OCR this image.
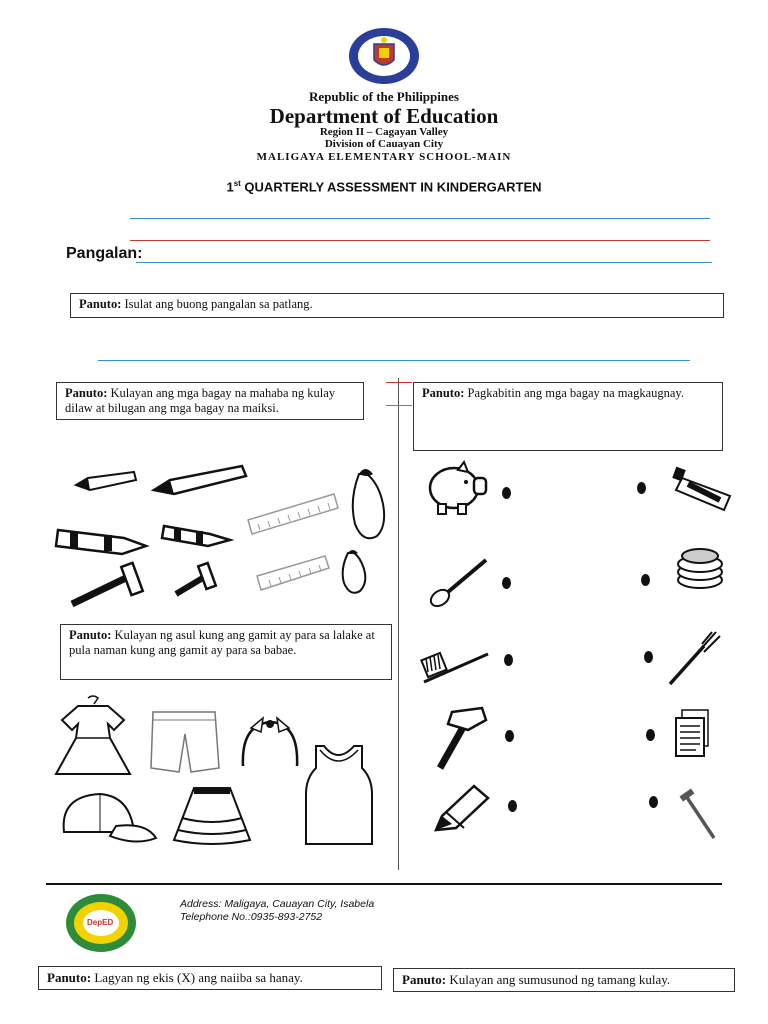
Republic of the Philippines
Department of Education
Region II – Cagayan Valley
Division of Cauayan City
MALIGAYA ELEMENTARY SCHOOL-MAIN
1st QUARTERLY ASSESSMENT IN KINDERGARTEN
Pangalan:
Panuto: Isulat ang buong pangalan sa patlang.
Panuto: Kulayan ang mga bagay na mahaba ng kulay dilaw at bilugan ang mga bagay na maiksi.
Panuto: Pagkabitin ang mga bagay na magkaugnay.
Panuto: Kulayan ng asul kung ang gamit ay para sa lalake at pula naman kung ang gamit ay para sa babae.
DepED
Address: Maligaya, Cauayan City, Isabela
Telephone No.:0935-893-2752
Panuto: Lagyan ng ekis (X) ang naiiba sa hanay.	Panuto: Kulayan ang sumusunod ng tamang kulay.
